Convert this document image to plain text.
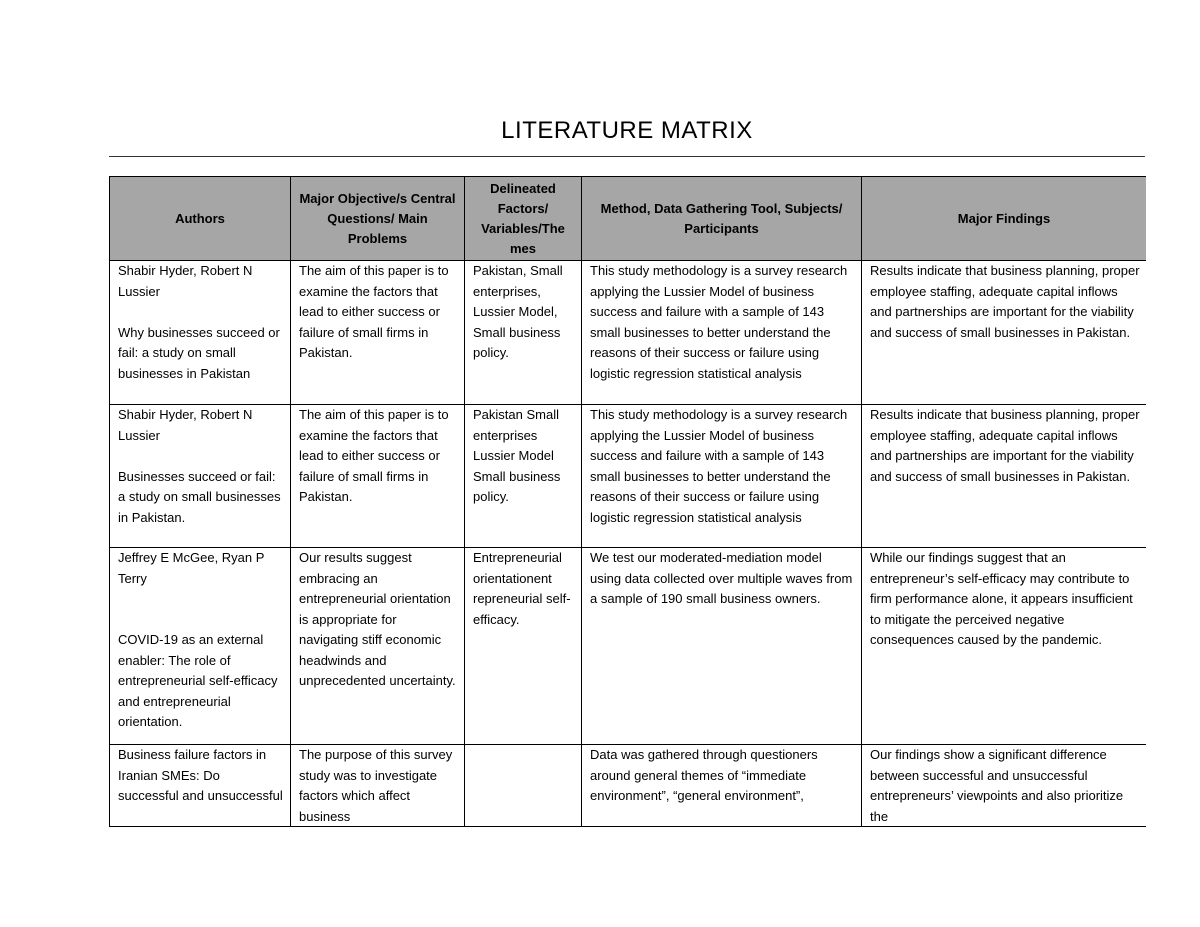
LITERATURE MATRIX
Authors	Major Objective/s Central Questions/ Main Problems	Delineated Factors/ Variables/The mes	Method, Data Gathering Tool, Subjects/ Participants	Major Findings

Shabir Hyder, Robert N Lussier
Why businesses succeed or fail: a study on small businesses in Pakistan	The aim of this paper is to examine the factors that lead to either success or failure of small firms in Pakistan.	Pakistan, Small enterprises, Lussier Model, Small business policy.	This study methodology is a survey research applying the Lussier Model of business success and failure with a sample of 143 small businesses to better understand the reasons of their success or failure using logistic regression statistical analysis	Results indicate that business planning, proper employee staffing, adequate capital inflows and partnerships are important for the viability and success of small businesses in Pakistan.

Shabir Hyder, Robert N Lussier
Businesses succeed or fail: a study on small businesses in Pakistan.	The aim of this paper is to examine the factors that lead to either success or failure of small firms in Pakistan.	Pakistan Small enterprises Lussier Model Small business policy.	This study methodology is a survey research applying the Lussier Model of business success and failure with a sample of 143 small businesses to better understand the reasons of their success or failure using logistic regression statistical analysis	Results indicate that business planning, proper employee staffing, adequate capital inflows and partnerships are important for the viability and success of small businesses in Pakistan.

Jeffrey E McGee, Ryan P Terry
COVID-19 as an external enabler: The role of entrepreneurial self-efficacy and entrepreneurial orientation.	Our results suggest embracing an entrepreneurial orientation is appropriate for navigating stiff economic headwinds and unprecedented uncertainty.	Entrepreneurial orientationent repreneurial self-efficacy.	We test our moderated-mediation model using data collected over multiple waves from a sample of 190 small business owners.	While our findings suggest that an entrepreneur’s self-efficacy may contribute to firm performance alone, it appears insufficient to mitigate the perceived negative consequences caused by the pandemic.

Business failure factors in Iranian SMEs: Do successful and unsuccessful	The purpose of this survey study was to investigate factors which affect business		Data was gathered through questioners around general themes of “immediate environment”, “general environment”,	Our findings show a significant difference between successful and unsuccessful entrepreneurs’ viewpoints and also prioritize the
